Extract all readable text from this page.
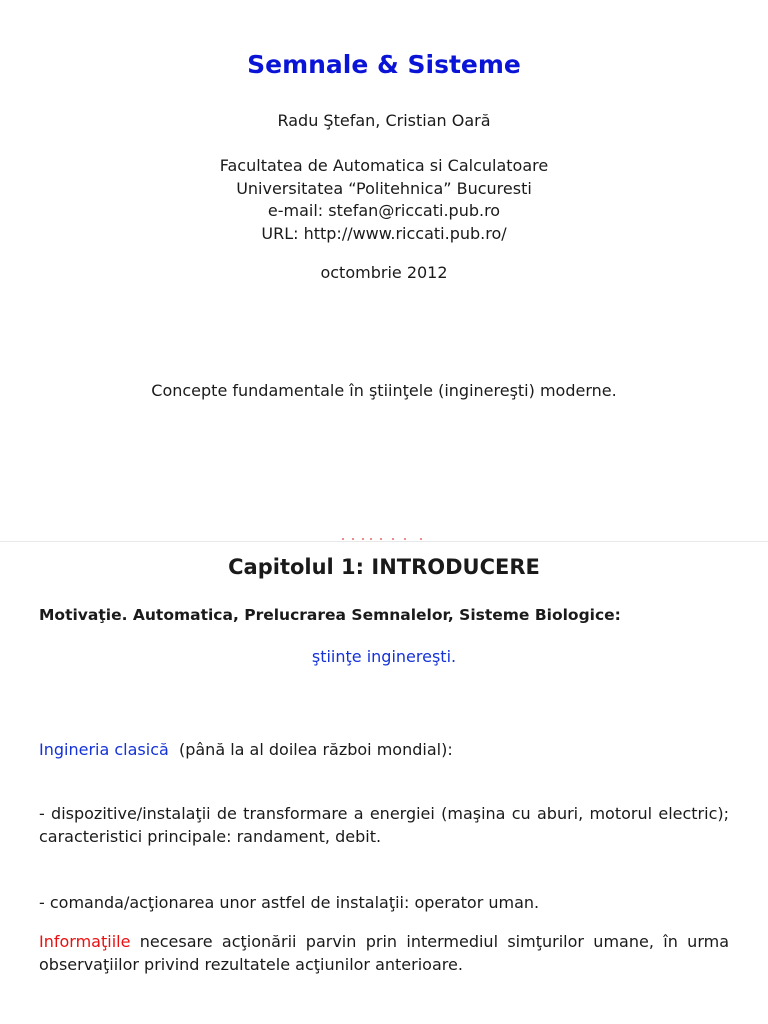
Semnale & Sisteme
Radu Ştefan, Cristian Oară
Facultatea de Automatica si Calculatoare
Universitatea “Politehnica” Bucuresti
e-mail: stefan@riccati.pub.ro
URL: http://www.riccati.pub.ro/
octombrie 2012
Concepte fundamentale în ştiinţele (inginereşti) moderne.
Capitolul 1: INTRODUCERE
Motivaţie. Automatica, Prelucrarea Semnalelor, Sisteme Biologice:
ştiinţe inginereşti.
Ingineria clasică  (până la al doilea război mondial):
- dispozitive/instalaţii de transformare a energiei (maşina cu aburi, motorul electric); caracteristici principale: randament, debit.
- comanda/acţionarea unor astfel de instalaţii: operator uman.
Informaţiile necesare acţionării parvin prin intermediul simţurilor umane, în urma observaţiilor privind rezultatele acţiunilor anterioare.
